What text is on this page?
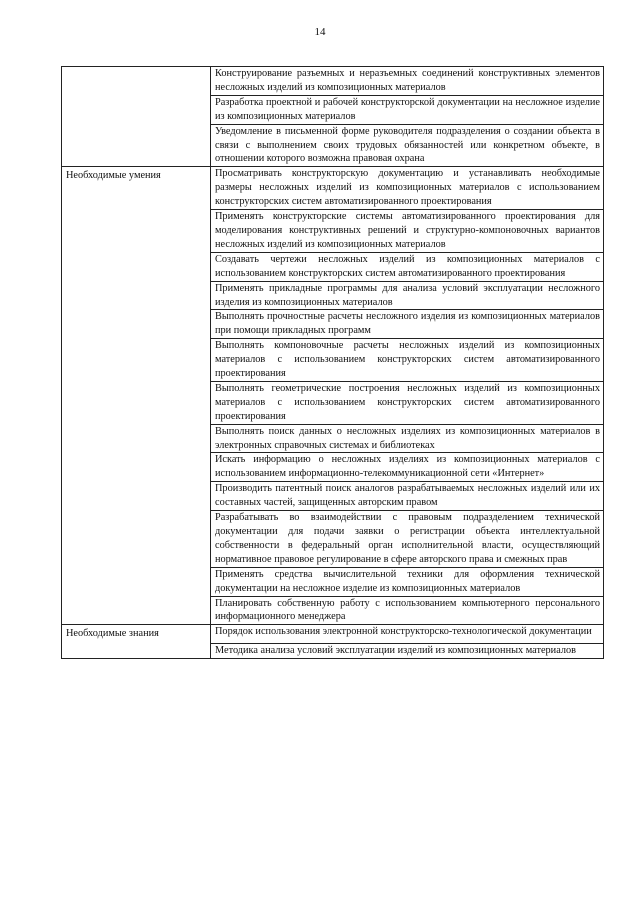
14
	Конструирование разъемных и неразъемных соединений конструктивных элементов несложных изделий из композиционных материалов
	Разработка проектной и рабочей конструкторской документации на несложное изделие из композиционных материалов
	Уведомление в письменной форме руководителя подразделения о создании объекта в связи с выполнением своих трудовых обязанностей или конкретном объекте, в отношении которого возможна правовая охрана
Необходимые умения	Просматривать конструкторскую документацию и устанавливать необходимые размеры несложных изделий из композиционных материалов с использованием конструкторских систем автоматизированного проектирования
	Применять конструкторские системы автоматизированного проектирования для моделирования конструктивных решений и структурно-компоновочных вариантов несложных изделий из композиционных материалов
	Создавать чертежи несложных изделий из композиционных материалов с использованием конструкторских систем автоматизированного проектирования
	Применять прикладные программы для анализа условий эксплуатации несложного изделия из композиционных материалов
	Выполнять прочностные расчеты несложного изделия из композиционных материалов при помощи прикладных программ
	Выполнять компоновочные расчеты несложных изделий из композиционных материалов с использованием конструкторских систем автоматизированного проектирования
	Выполнять геометрические построения несложных изделий из композиционных материалов с использованием конструкторских систем автоматизированного проектирования
	Выполнять поиск данных о несложных изделиях из композиционных материалов в электронных справочных системах и библиотеках
	Искать информацию о несложных изделиях из композиционных материалов с использованием информационно-телекоммуникационной сети «Интернет»
	Производить патентный поиск аналогов разрабатываемых несложных изделий или их составных частей, защищенных авторским правом
	Разрабатывать во взаимодействии с правовым подразделением технической документации для подачи заявки о регистрации объекта интеллектуальной собственности в федеральный орган исполнительной власти, осуществляющий нормативное правовое регулирование в сфере авторского права и смежных прав
	Применять средства вычислительной техники для оформления технической документации на несложное изделие из композиционных материалов
	Планировать собственную работу с использованием компьютерного персонального информационного менеджера
Необходимые знания	Порядок использования электронной конструкторско-технологической документации
	Методика анализа условий эксплуатации изделий из композиционных материалов
